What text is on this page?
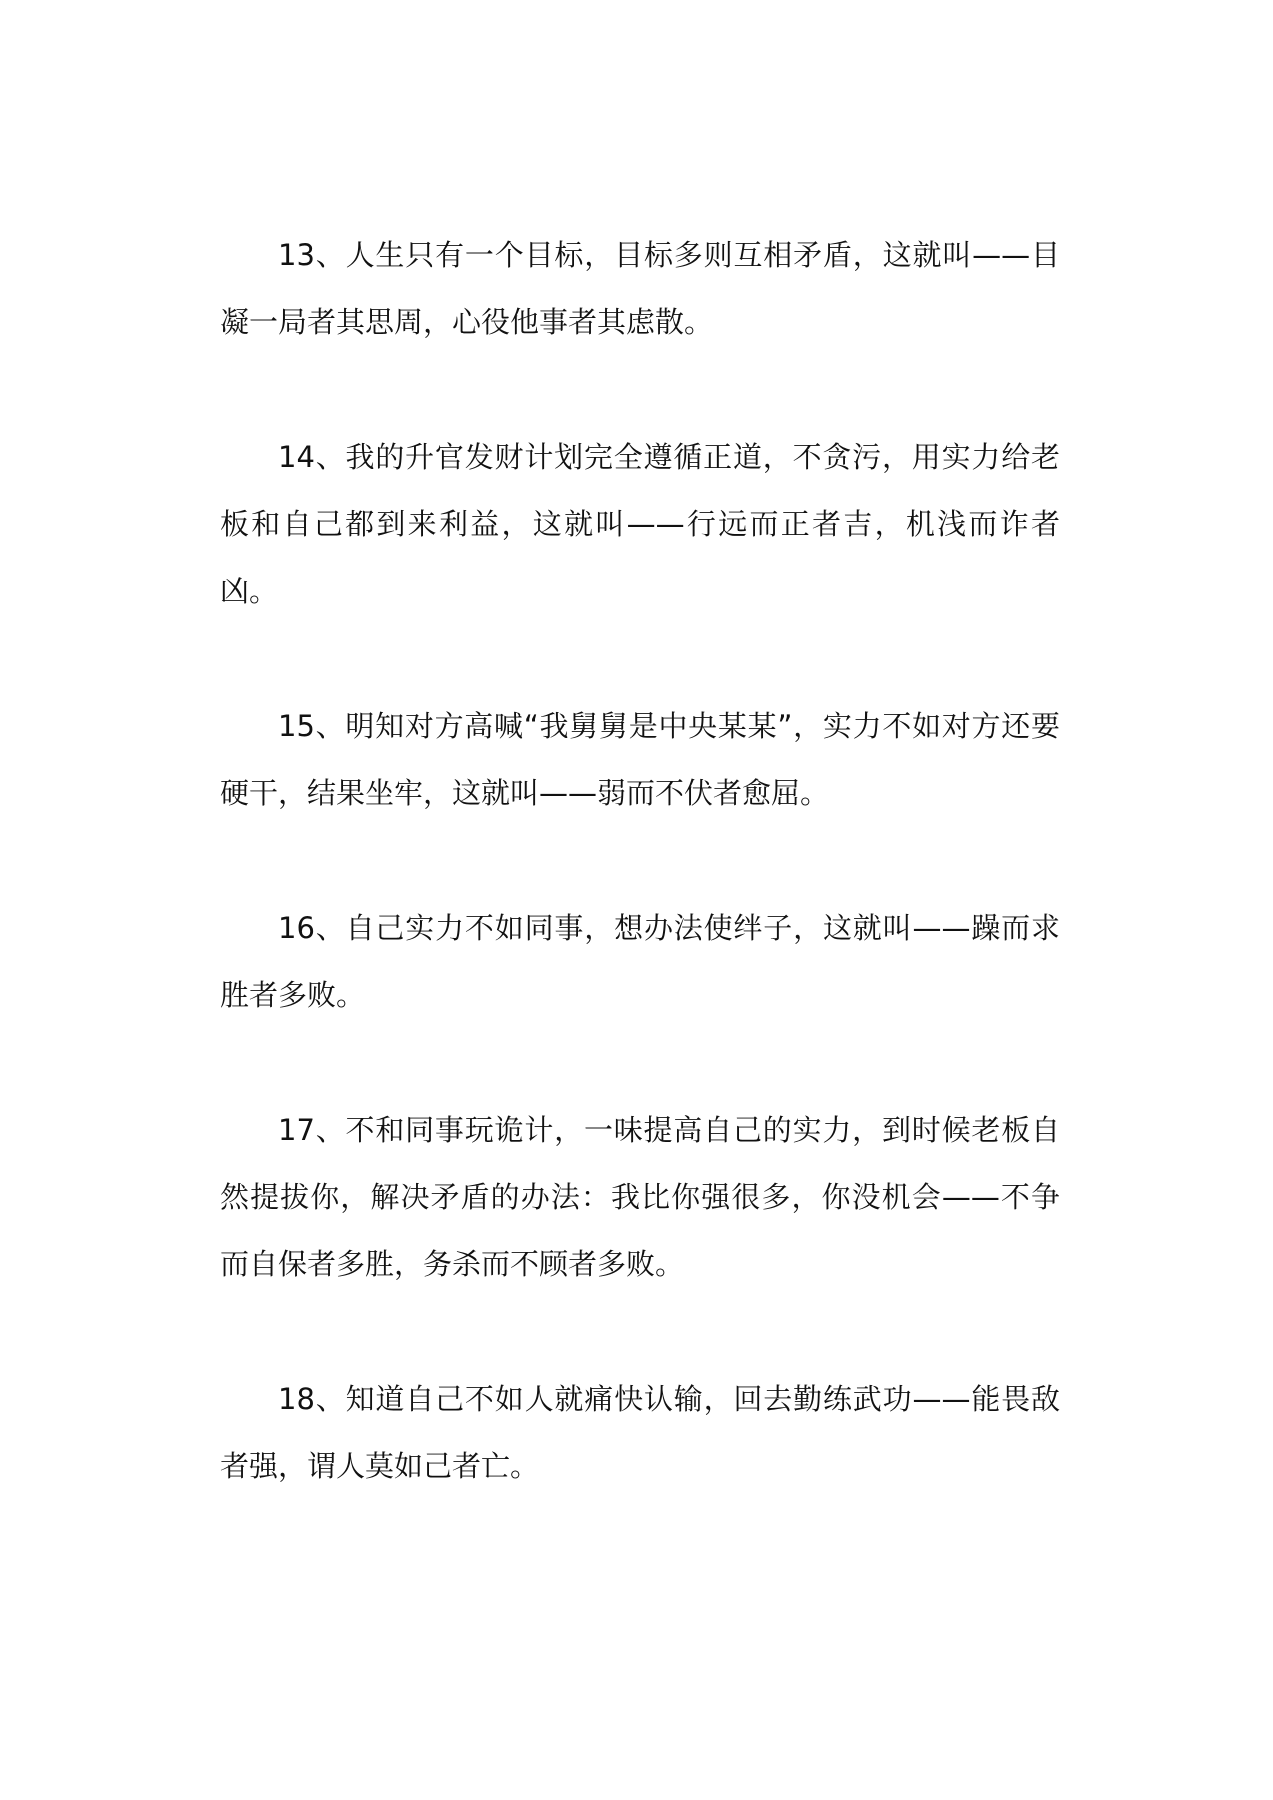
13、人生只有一个目标，目标多则互相矛盾，这就叫——目凝一局者其思周，心役他事者其虑散。

14、我的升官发财计划完全遵循正道，不贪污，用实力给老板和自己都到来利益，这就叫——行远而正者吉，机浅而诈者凶。

15、明知对方高喊“我舅舅是中央某某”，实力不如对方还要硬干，结果坐牢，这就叫——弱而不伏者愈屈。

16、自己实力不如同事，想办法使绊子，这就叫——躁而求胜者多败。

17、不和同事玩诡计，一味提高自己的实力，到时候老板自然提拔你，解决矛盾的办法：我比你强很多，你没机会——不争而自保者多胜，务杀而不顾者多败。

18、知道自己不如人就痛快认输，回去勤练武功——能畏敌者强，谓人莫如己者亡。
